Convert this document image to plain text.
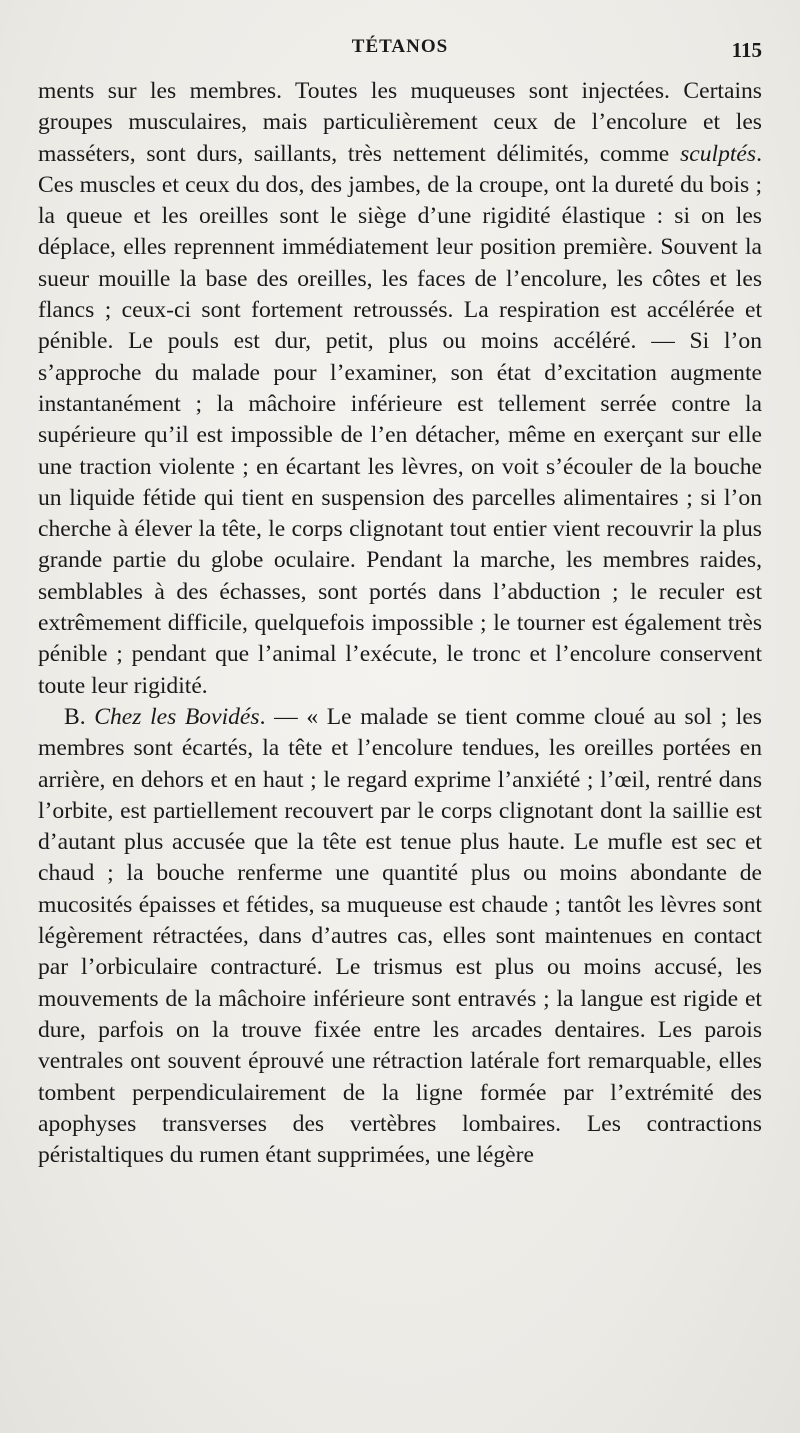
TÉTANOS	115

ments sur les membres. Toutes les muqueuses sont injectées. Certains groupes musculaires, mais particulièrement ceux de l’encolure et les masséters, sont durs, saillants, très nettement délimités, comme sculptés. Ces muscles et ceux du dos, des jambes, de la croupe, ont la dureté du bois ; la queue et les oreilles sont le siège d’une rigidité élastique : si on les déplace, elles reprennent immédiatement leur position première. Souvent la sueur mouille la base des oreilles, les faces de l’encolure, les côtes et les flancs ; ceux-ci sont fortement retroussés. La respiration est accélérée et pénible. Le pouls est dur, petit, plus ou moins accéléré. — Si l’on s’approche du malade pour l’examiner, son état d’excitation augmente instantanément ; la mâchoire inférieure est tellement serrée contre la supérieure qu’il est impossible de l’en détacher, même en exerçant sur elle une traction violente ; en écartant les lèvres, on voit s’écouler de la bouche un liquide fétide qui tient en suspension des parcelles alimentaires ; si l’on cherche à élever la tête, le corps clignotant tout entier vient recouvrir la plus grande partie du globe oculaire. Pendant la marche, les membres raides, semblables à des échasses, sont portés dans l’abduction ; le reculer est extrêmement difficile, quelquefois impossible ; le tourner est également très pénible ; pendant que l’animal l’exécute, le tronc et l’encolure conservent toute leur rigidité.

B. Chez les Bovidés. — « Le malade se tient comme cloué au sol ; les membres sont écartés, la tête et l’encolure tendues, les oreilles portées en arrière, en dehors et en haut ; le regard exprime l’anxiété ; l’œil, rentré dans l’orbite, est partiellement recouvert par le corps clignotant dont la saillie est d’autant plus accusée que la tête est tenue plus haute. Le mufle est sec et chaud ; la bouche renferme une quantité plus ou moins abondante de mucosités épaisses et fétides, sa muqueuse est chaude ; tantôt les lèvres sont légèrement rétractées, dans d’autres cas, elles sont maintenues en contact par l’orbiculaire contracturé. Le trismus est plus ou moins accusé, les mouvements de la mâchoire inférieure sont entravés ; la langue est rigide et dure, parfois on la trouve fixée entre les arcades dentaires. Les parois ventrales ont souvent éprouvé une rétraction latérale fort remarquable, elles tombent perpendiculairement de la ligne formée par l’extrémité des apophyses transverses des vertèbres lombaires. Les contractions péristaltiques du rumen étant supprimées, une légère
